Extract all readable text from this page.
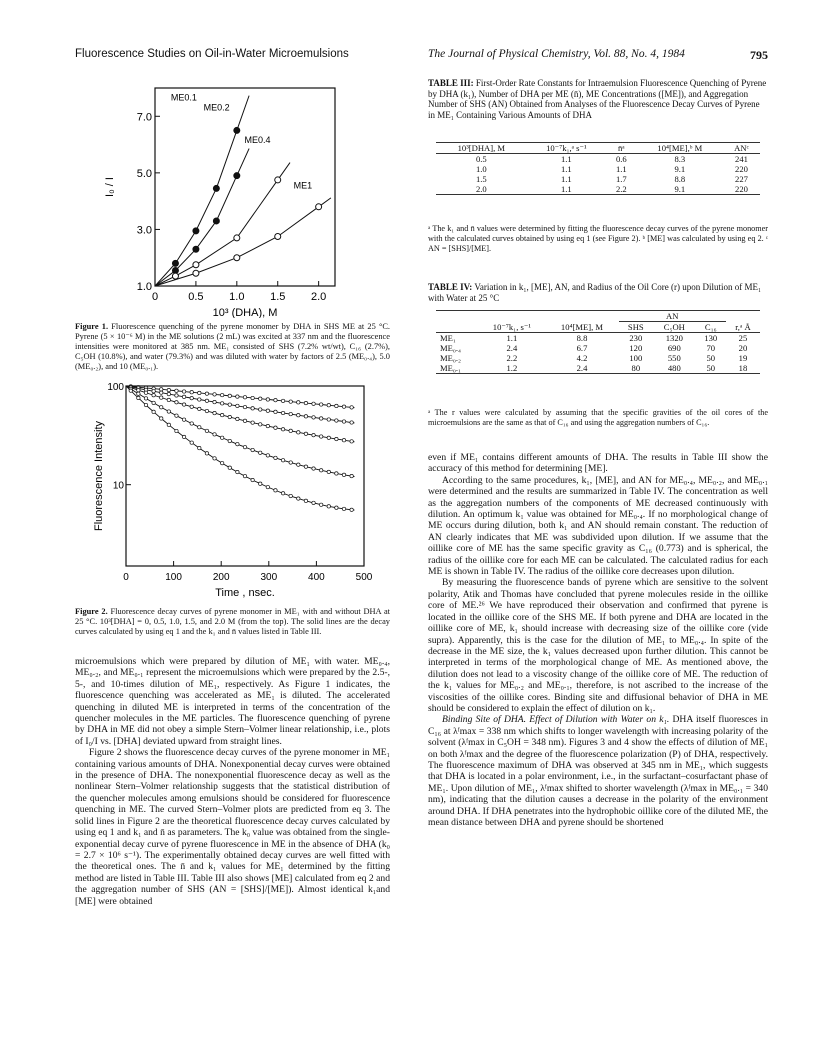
Fluorescence Studies on Oil-in-Water Microemulsions	The Journal of Physical Chemistry, Vol. 88, No. 4, 1984	795
0	0.5 1.0 1.5 2.0
1.0
3.0
5.0
7.0
10³ (DHA), M
I₀ / I
ME0.1
ME0.2
ME0.4
ME1
Figure 1. Fluorescence quenching of the pyrene monomer by DHA in SHS ME at 25 °C. Pyrene (5 × 10⁻⁶ M) in the ME solutions (2 mL) was excited at 337 nm and the fluorescence intensities were monitored at 385 nm. ME₁ consisted of SHS (7.2% wt/wt), C₁₆ (2.7%), C₅OH (10.8%), and water (79.3%) and was diluted with water by factors of 2.5 (ME₀.₄), 5.0 (ME₀.₂), and 10 (ME₀.₁).
0	100	200	300	400	500
100
10
Time , nsec.
Fluorescence Intensity
Figure 2. Fluorescence decay curves of pyrene monomer in ME₁ with and without DHA at 25 °C. 10³[DHA] = 0, 0.5, 1.0, 1.5, and 2.0 M (from the top). The solid lines are the decay curves calculated by using eq 1 and the k₁ and n̄ values listed in Table III.

microemulsions which were prepared by dilution of ME₁ with water. ME₀.₄, ME₀.₂, and ME₀.₁ represent the microemulsions which were prepared by the 2.5-, 5-, and 10-times dilution of ME₁, respectively. As Figure 1 indicates, the fluorescence quenching was accelerated as ME₁ is diluted. The accelerated quenching in diluted ME is interpreted in terms of the concentration of the quencher molecules in the ME particles. The fluorescence quenching of pyrene by DHA in ME did not obey a simple Stern–Volmer linear relationship, i.e., plots of I₀/I vs. [DHA] deviated upward from straight lines.

Figure 2 shows the fluorescence decay curves of the pyrene monomer in ME₁ containing various amounts of DHA. Nonexponential decay curves were obtained in the presence of DHA. The nonexponential fluorescence decay as well as the nonlinear Stern–Volmer relationship suggests that the statistical distribution of the quencher molecules among emulsions should be considered for fluorescence quenching in ME. The curved Stern–Volmer plots are predicted from eq 3. The solid lines in Figure 2 are the theoretical fluorescence decay curves calculated by using eq 1 and k₁ and n̄ as parameters. The k₀ value was obtained from the single-exponential decay curve of pyrene fluorescence in ME in the absence of DHA (k₀ = 2.7 × 10⁶ s⁻¹). The experimentally obtained decay curves are well fitted with the theoretical ones. The n̄ and k₁ values for ME₁ determined by the fitting method are listed in Table III. Table III also shows [ME] calculated from eq 2 and the aggregation number of SHS (AN = [SHS]/[ME]). Almost identical k₁and [ME] were obtained

TABLE III: First-Order Rate Constants for Intraemulsion Fluorescence Quenching of Pyrene by DHA (k₁), Number of DHA per ME (n̄), ME Concentrations ([ME]), and Aggregation Number of SHS (AN) Obtained from Analyses of the Fluorescence Decay Curves of Pyrene in ME₁ Containing Various Amounts of DHA
10³[DHA], M	10⁻⁷k₁,ᵃ s⁻¹	n̄ᵃ	10⁴[ME],ᵇ M	ANᶜ
0.5	1.1	0.6	8.3	241
1.0	1.1	1.1	9.1	220
1.5	1.1	1.7	8.8	227
2.0	1.1	2.2	9.1	220
ᵃ The k₁ and n̄ values were determined by fitting the fluorescence decay curves of the pyrene monomer with the calculated curves obtained by using eq 1 (see Figure 2). ᵇ [ME] was calculated by using eq 2. ᶜ AN = [SHS]/[ME].
TABLE IV: Variation in k₁, [ME], AN, and Radius of the Oil Core (r) upon Dilution of ME₁ with Water at 25 °C
	10⁻⁷k₁, s⁻¹	10⁴[ME], M	AN			r,ᵃ Å
			SHS	C₅OH	C₁₆	
ME₁	1.1	8.8	230	1320	130	25
ME₀.₄	2.4	6.7	120	690	70	20
ME₀.₂	2.2	4.2	100	550	50	19
ME₀.₁	1.2	2.4	80	480	50	18
ᵃ The r values were calculated by assuming that the specific gravities of the oil cores of the microemulsions are the same as that of C₁₆ and using the aggregation numbers of C₁₆.

even if ME₁ contains different amounts of DHA. The results in Table III show the accuracy of this method for determining [ME].

According to the same procedures, k₁, [ME], and AN for ME₀.₄, ME₀.₂, and ME₀.₁ were determined and the results are summarized in Table IV. The concentration as well as the aggregation numbers of the components of ME decreased continuously with dilution. An optimum k₁ value was obtained for ME₀.₄. If no morphological change of ME occurs during dilution, both k₁ and AN should remain constant. The reduction of AN clearly indicates that ME was subdivided upon dilution. If we assume that the oillike core of ME has the same specific gravity as C₁₆ (0.773) and is spherical, the radius of the oillike core for each ME can be calculated. The calculated radius for each ME is shown in Table IV. The radius of the oillike core decreases upon dilution.

By measuring the fluorescence bands of pyrene which are sensitive to the solvent polarity, Atik and Thomas have concluded that pyrene molecules reside in the oillike core of ME.²⁶ We have reproduced their observation and confirmed that pyrene is located in the oillike core of the SHS ME. If both pyrene and DHA are located in the oillike core of ME, k₁ should increase with decreasing size of the oillike core (vide supra). Apparently, this is the case for the dilution of ME₁ to ME₀.₄. In spite of the decrease in the ME size, the k₁ values decreased upon further dilution. This cannot be interpreted in terms of the morphological change of ME. As mentioned above, the dilution does not lead to a viscosity change of the oillike core of ME. The reduction of the k₁ values for ME₀.₂ and ME₀.₁, therefore, is not ascribed to the increase of the viscosities of the oillike cores. Binding site and diffusional behavior of DHA in ME should be considered to explain the effect of dilution on k₁.

Binding Site of DHA. Effect of Dilution with Water on k₁. DHA itself fluoresces in C₁₆ at λᶠmax = 338 nm which shifts to longer wavelength with increasing polarity of the solvent (λᶠmax in C₅OH = 348 nm). Figures 3 and 4 show the effects of dilution of ME₁ on both λᶠmax and the degree of the fluorescence polarization (P) of DHA, respectively. The fluorescence maximum of DHA was observed at 345 nm in ME₁, which suggests that DHA is located in a polar environment, i.e., in the surfactant–cosurfactant phase of ME₁. Upon dilution of ME₁, λᶠmax shifted to shorter wavelength (λᶠmax in ME₀.₁ = 340 nm), indicating that the dilution causes a decrease in the polarity of the environment around DHA. If DHA penetrates into the hydrophobic oillike core of the diluted ME, the mean distance between DHA and pyrene should be shortened
